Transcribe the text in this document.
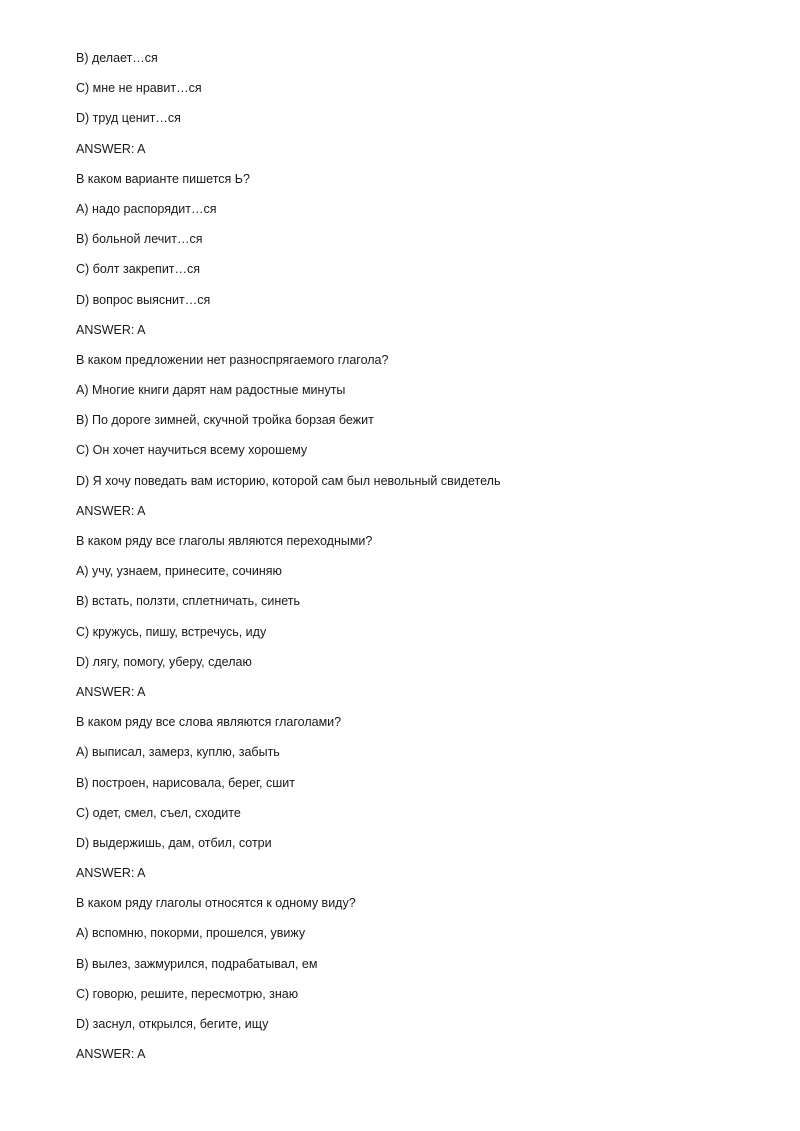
B) делает…ся
C) мне не нравит…ся
D) труд ценит…ся
ANSWER: A
В каком варианте пишется Ь?
A) надо распорядит…ся
B) больной лечит…ся
C) болт закрепит…ся
D) вопрос выяснит…ся
ANSWER: A
В каком предложении нет разноспрягаемого глагола?
A) Многие книги дарят нам радостные минуты
B) По дороге зимней, скучной тройка борзая бежит
C) Он хочет научиться всему хорошему
D) Я хочу поведать вам историю, которой сам был невольный свидетель
ANSWER: A
В каком ряду все глаголы являются переходными?
A) учу, узнаем, принесите, сочиняю
B) встать, ползти, сплетничать, синеть
C) кружусь, пишу, встречусь, иду
D) лягу, помогу, уберу, сделаю
ANSWER: A
В каком ряду все слова являются глаголами?
A) выписал, замерз, куплю, забыть
B) построен, нарисовала, берег, сшит
C) одет, смел, съел, сходите
D) выдержишь, дам, отбил, сотри
ANSWER: A
В каком ряду глаголы относятся к одному виду?
A) вспомню, покорми, прошелся, увижу
B) вылез, зажмурился, подрабатывал, ем
C) говорю, решите, пересмотрю, знаю
D) заснул, открылся, бегите, ищу
ANSWER: A
